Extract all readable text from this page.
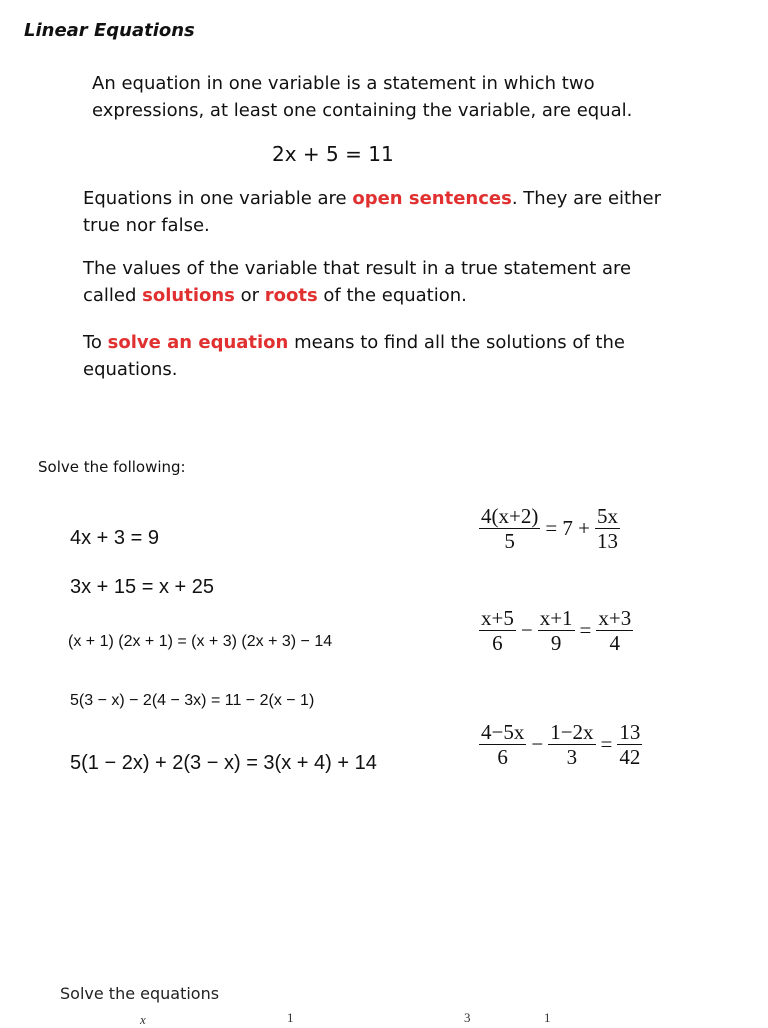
Linear Equations
An equation in one variable is a statement in which two
expressions, at least one containing the variable, are equal.
2x + 5 = 11
Equations in one variable are open sentences. They are either
true nor false.
The values of the variable that result in a true statement are
called solutions or roots of the equation.
To solve an equation means to find all the solutions of the
equations.
Solve the following:
4x + 3 = 9
3x + 15 = x + 25
(x + 1) (2x + 1) = (x + 3) (2x + 3) − 14
5(3 − x) − 2(4 − 3x) = 11 − 2(x − 1)
5(1 − 2x) + 2(3 − x) = 3(x + 4) + 14
$\frac{4(x+2)}{5} = 7 + \frac{5x}{13}$
$\frac{x+5}{6} - \frac{x+1}{9} = \frac{x+3}{4}$
$\frac{4-5x}{6} - \frac{1-2x}{3} = \frac{13}{42}$
Solve the equations
x	1	3	1
